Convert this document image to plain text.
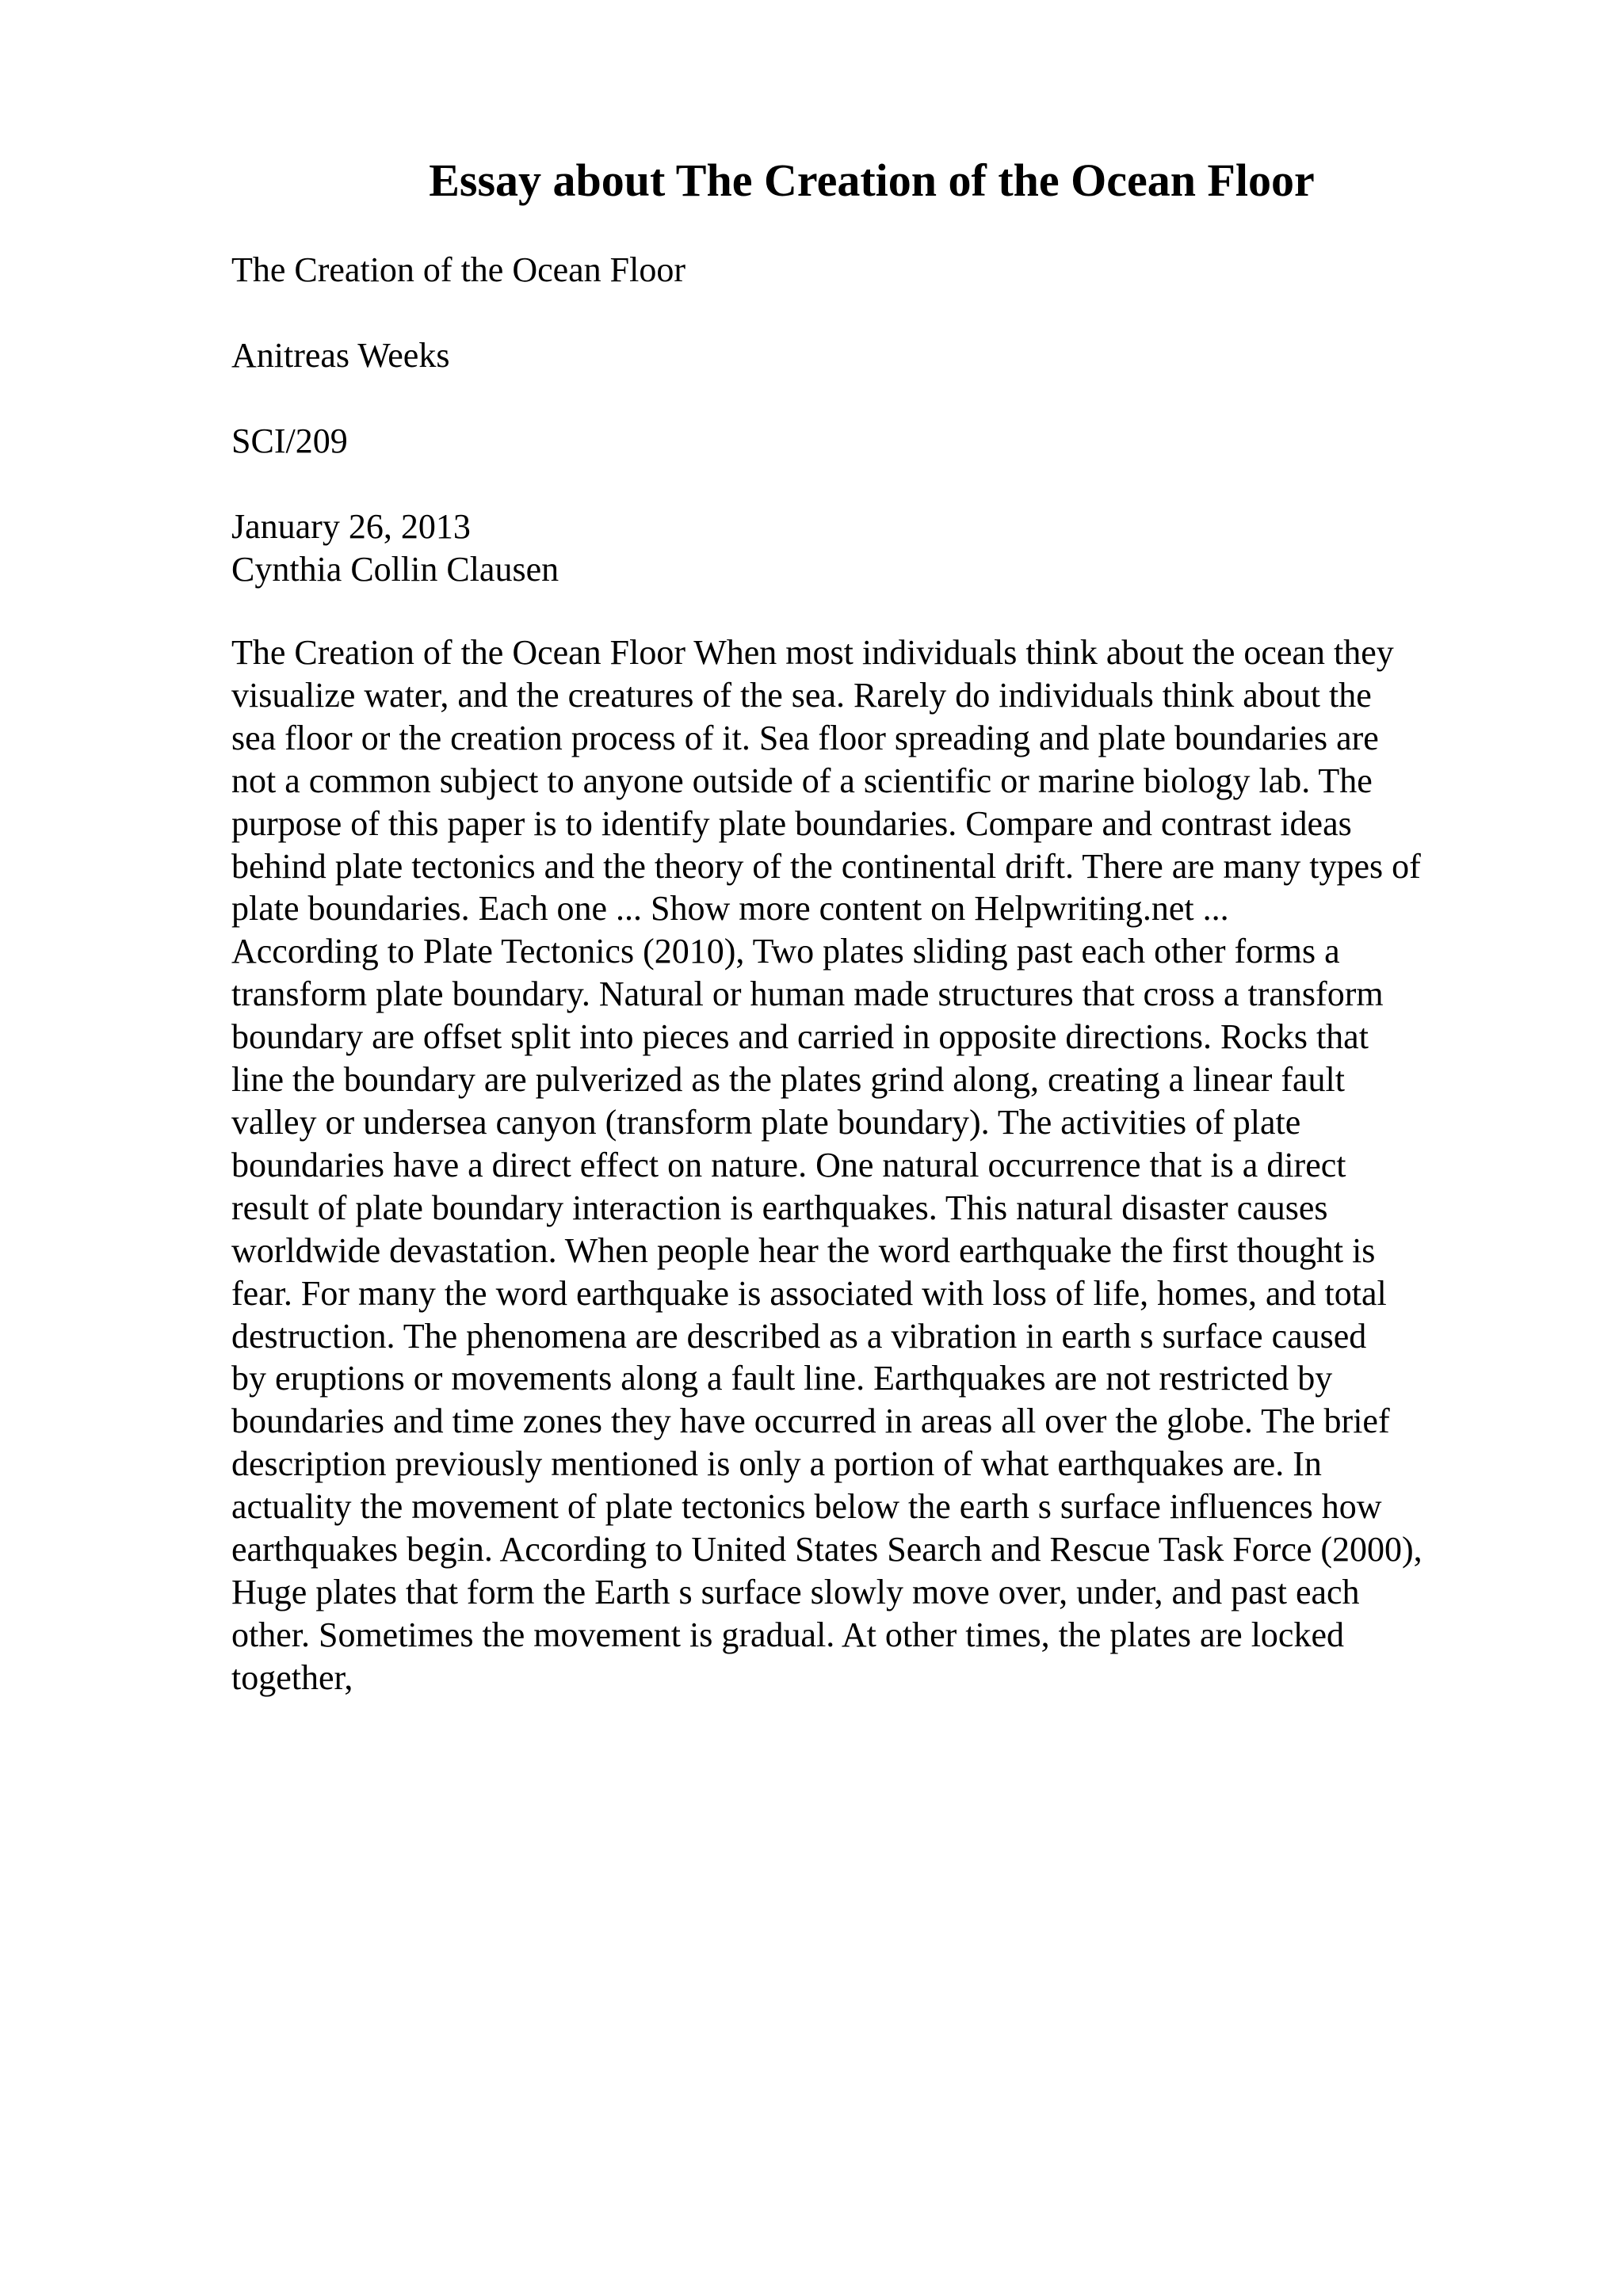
Essay about The Creation of the Ocean Floor

The Creation of the Ocean Floor

Anitreas Weeks

SCI/209

January 26, 2013

Cynthia Collin Clausen

The Creation of the Ocean Floor When most individuals think about the ocean they
visualize water, and the creatures of the sea. Rarely do individuals think about the
sea floor or the creation process of it. Sea floor spreading and plate boundaries are
not a common subject to anyone outside of a scientific or marine biology lab. The
purpose of this paper is to identify plate boundaries. Compare and contrast ideas
behind plate tectonics and the theory of the continental drift. There are many types of
plate boundaries. Each one ... Show more content on Helpwriting.net ...
According to Plate Tectonics (2010), Two plates sliding past each other forms a
transform plate boundary. Natural or human made structures that cross a transform
boundary are offset split into pieces and carried in opposite directions. Rocks that
line the boundary are pulverized as the plates grind along, creating a linear fault
valley or undersea canyon (transform plate boundary). The activities of plate
boundaries have a direct effect on nature. One natural occurrence that is a direct
result of plate boundary interaction is earthquakes. This natural disaster causes
worldwide devastation. When people hear the word earthquake the first thought is
fear. For many the word earthquake is associated with loss of life, homes, and total
destruction. The phenomena are described as a vibration in earth s surface caused
by eruptions or movements along a fault line. Earthquakes are not restricted by
boundaries and time zones they have occurred in areas all over the globe. The brief
description previously mentioned is only a portion of what earthquakes are. In
actuality the movement of plate tectonics below the earth s surface influences how
earthquakes begin. According to United States Search and Rescue Task Force (2000),
Huge plates that form the Earth s surface slowly move over, under, and past each
other. Sometimes the movement is gradual. At other times, the plates are locked
together,
